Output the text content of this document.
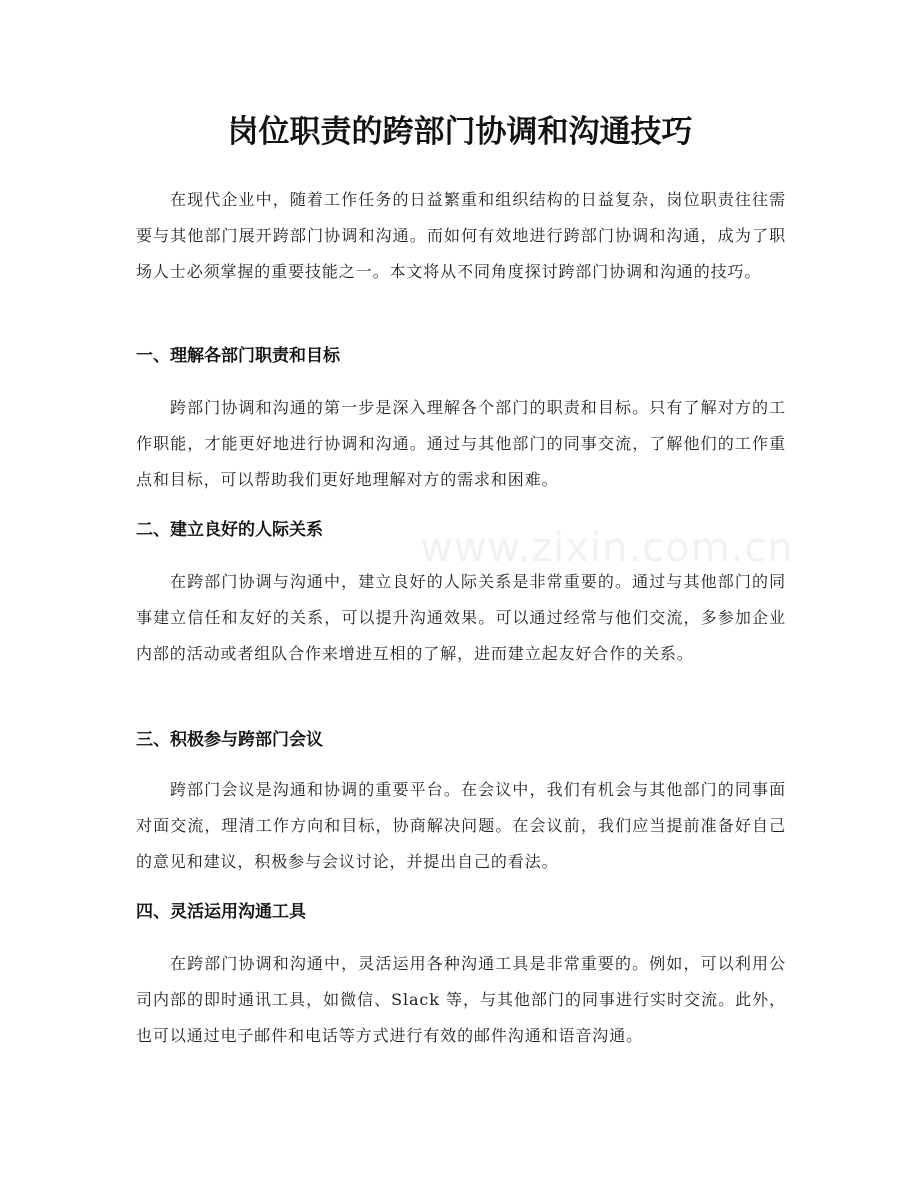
岗位职责的跨部门协调和沟通技巧

在现代企业中，随着工作任务的日益繁重和组织结构的日益复杂，岗位职责往往需要与其他部门展开跨部门协调和沟通。而如何有效地进行跨部门协调和沟通，成为了职场人士必须掌握的重要技能之一。本文将从不同角度探讨跨部门协调和沟通的技巧。

一、理解各部门职责和目标

跨部门协调和沟通的第一步是深入理解各个部门的职责和目标。只有了解对方的工作职能，才能更好地进行协调和沟通。通过与其他部门的同事交流，了解他们的工作重点和目标，可以帮助我们更好地理解对方的需求和困难。

二、建立良好的人际关系

在跨部门协调与沟通中，建立良好的人际关系是非常重要的。通过与其他部门的同事建立信任和友好的关系，可以提升沟通效果。可以通过经常与他们交流，多参加企业内部的活动或者组队合作来增进互相的了解，进而建立起友好合作的关系。

三、积极参与跨部门会议

跨部门会议是沟通和协调的重要平台。在会议中，我们有机会与其他部门的同事面对面交流，理清工作方向和目标，协商解决问题。在会议前，我们应当提前准备好自己的意见和建议，积极参与会议讨论，并提出自己的看法。

四、灵活运用沟通工具

在跨部门协调和沟通中，灵活运用各种沟通工具是非常重要的。例如，可以利用公司内部的即时通讯工具，如微信、Slack 等，与其他部门的同事进行实时交流。此外，也可以通过电子邮件和电话等方式进行有效的邮件沟通和语音沟通。

www.zixin.com.cn
